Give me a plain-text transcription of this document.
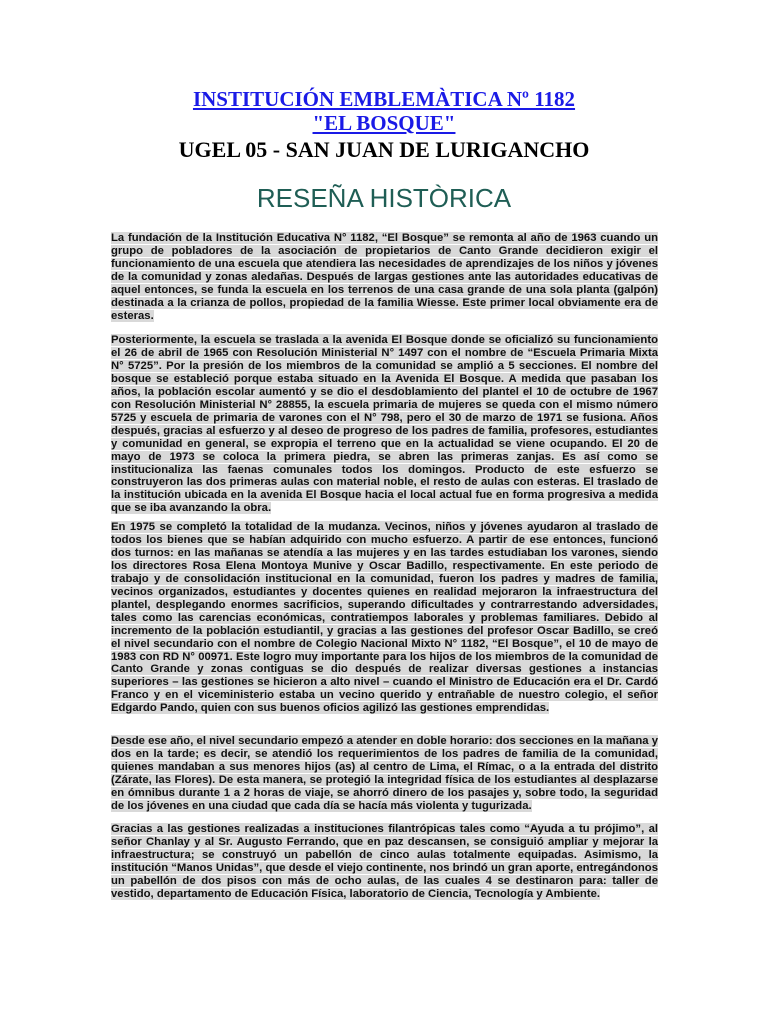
INSTITUCIÓN EMBLEMÀTICA Nº 1182
"EL BOSQUE"
UGEL 05 - SAN JUAN DE LURIGANCHO
RESEÑA HISTÒRICA

La fundación de la Institución Educativa N° 1182, “El Bosque” se remonta al año de 1963 cuando un grupo de pobladores de la asociación de propietarios de Canto Grande decidieron exigir el funcionamiento de una escuela que atendiera las necesidades de aprendizajes de los niños y jóvenes de la comunidad y zonas aledañas. Después de largas gestiones ante las autoridades educativas de aquel entonces, se funda la escuela en los terrenos de una casa grande de una sola planta (galpón) destinada a la crianza de pollos, propiedad de la familia Wiesse. Este primer local obviamente era de esteras.

Posteriormente, la escuela se traslada a la avenida El Bosque donde se oficializó su funcionamiento el 26 de abril de 1965 con Resolución Ministerial N° 1497 con el nombre de “Escuela Primaria Mixta N° 5725”. Por la presión de los miembros de la comunidad se amplió a 5 secciones. El nombre del bosque se estableció porque estaba situado en la Avenida El Bosque. A medida que pasaban los años, la población escolar aumentó y se dio el desdoblamiento del plantel el 10 de octubre de 1967 con Resolución Ministerial N° 28855, la escuela primaria de mujeres se queda con el mismo número 5725 y escuela de primaria de varones con el N° 798, pero el 30 de marzo de 1971 se fusiona. Años después, gracias al esfuerzo y al deseo de progreso de los padres de familia, profesores, estudiantes y comunidad en general, se expropia el terreno que en la actualidad se viene ocupando. El 20 de mayo de 1973 se coloca la primera piedra, se abren las primeras zanjas. Es así como se institucionaliza las faenas comunales todos los domingos. Producto de este esfuerzo se construyeron las dos primeras aulas con material noble, el resto de aulas con esteras. El traslado de la institución ubicada en la avenida El Bosque hacia el local actual fue en forma progresiva a medida que se iba avanzando la obra.

En 1975 se completó la totalidad de la mudanza. Vecinos, niños y jóvenes ayudaron al traslado de todos los bienes que se habían adquirido con mucho esfuerzo. A partir de ese entonces, funcionó dos turnos: en las mañanas se atendía a las mujeres y en las tardes estudiaban los varones, siendo los directores Rosa Elena Montoya Munive y Oscar Badillo, respectivamente. En este periodo de trabajo y de consolidación institucional en la comunidad, fueron los padres y madres de familia, vecinos organizados, estudiantes y docentes quienes en realidad mejoraron la infraestructura del plantel, desplegando enormes sacrificios, superando dificultades y contrarrestando adversidades, tales como las carencias económicas, contratiempos laborales y problemas familiares. Debido al incremento de la población estudiantil, y gracias a las gestiones del profesor Oscar Badillo, se creó el nivel secundario con el nombre de Colegio Nacional Mixto N° 1182, “El Bosque”, el 10 de mayo de 1983 con RD N° 00971. Este logro muy importante para los hijos de los miembros de la comunidad de Canto Grande y zonas contiguas se dio después de realizar diversas gestiones a instancias superiores – las gestiones se hicieron a alto nivel – cuando el Ministro de Educación era el Dr. Cardó Franco y en el viceministerio estaba un vecino querido y entrañable de nuestro colegio, el señor Edgardo Pando, quien con sus buenos oficios agilizó las gestiones emprendidas.

Desde ese año, el nivel secundario empezó a atender en doble horario: dos secciones en la mañana y dos en la tarde; es decir, se atendió los requerimientos de los padres de familia de la comunidad, quienes mandaban a sus menores hijos (as) al centro de Lima, el Rímac, o a la entrada del distrito (Zárate, las Flores). De esta manera, se protegió la integridad física de los estudiantes al desplazarse en ómnibus durante 1 a 2 horas de viaje, se ahorró dinero de los pasajes y, sobre todo, la seguridad de los jóvenes en una ciudad que cada día se hacía más violenta y tugurizada.

Gracias a las gestiones realizadas a instituciones filantrópicas tales como “Ayuda a tu prójimo”, al señor Chanlay y al Sr. Augusto Ferrando, que en paz descansen, se consiguió ampliar y mejorar la infraestructura; se construyó un pabellón de cinco aulas totalmente equipadas. Asimismo, la institución “Manos Unidas”, que desde el viejo continente, nos brindó un gran aporte, entregándonos un pabellón de dos pisos con más de ocho aulas, de las cuales 4 se destinaron para: taller de vestido, departamento de Educación Física, laboratorio de Ciencia, Tecnología y Ambiente.
